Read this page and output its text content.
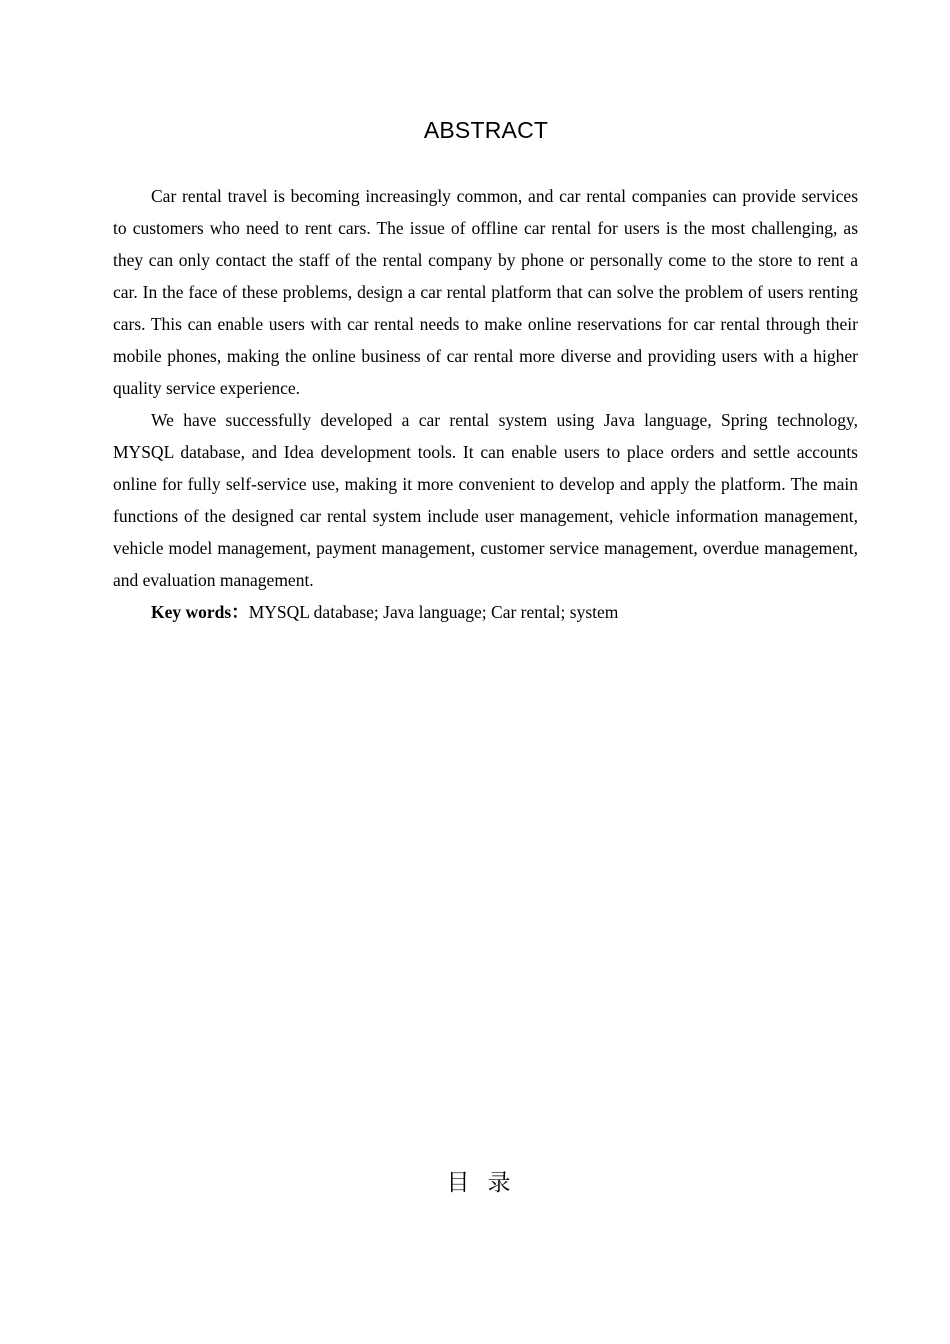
ABSTRACT

Car rental travel is becoming increasingly common, and car rental companies can provide services to customers who need to rent cars. The issue of offline car rental for users is the most challenging, as they can only contact the staff of the rental company by phone or personally come to the store to rent a car. In the face of these problems, design a car rental platform that can solve the problem of users renting cars. This can enable users with car rental needs to make online reservations for car rental through their mobile phones, making the online business of car rental more diverse and providing users with a higher quality service experience.

We have successfully developed a car rental system using Java language, Spring technology, MYSQL database, and Idea development tools. It can enable users to place orders and settle accounts online for fully self-service use, making it more convenient to develop and apply the platform. The main functions of the designed car rental system include user management, vehicle information management, vehicle model management, payment management, customer service management, overdue management, and evaluation management.

Key words：MYSQL database; Java language; Car rental; system

目录
